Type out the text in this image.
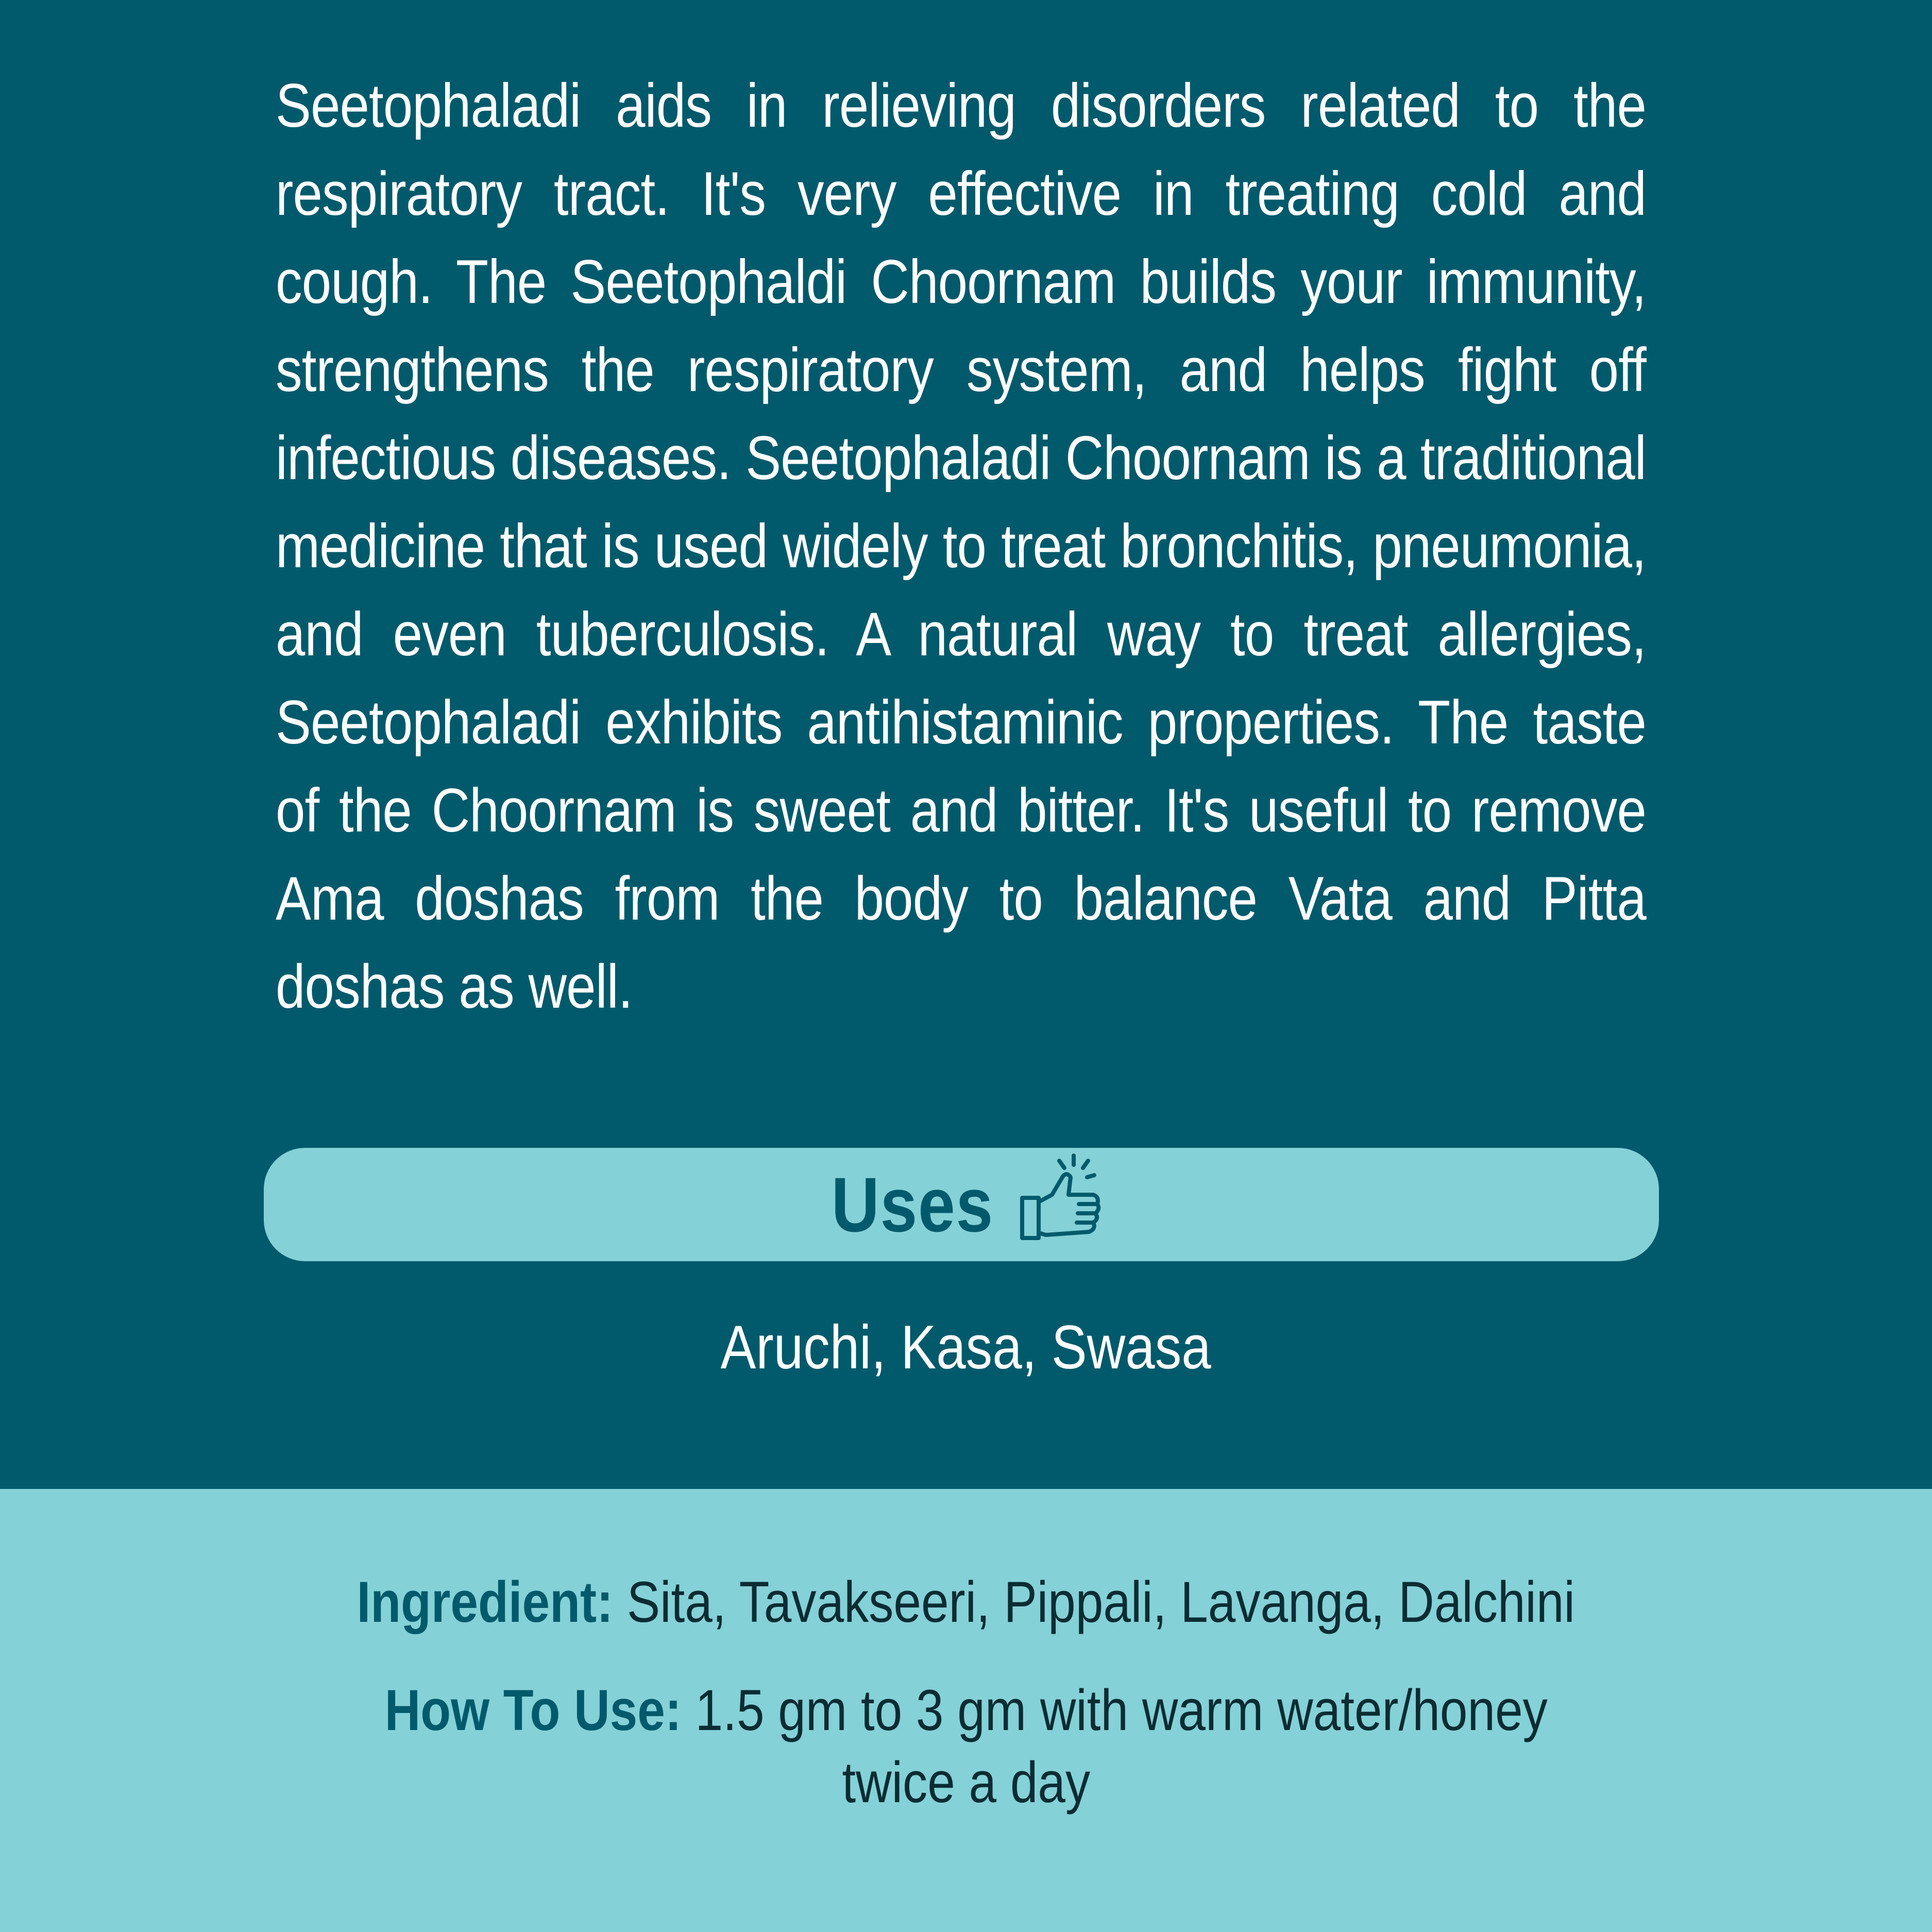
Seetophaladi aids in relieving disorders related to the respiratory tract. It's very effective in treating cold and cough. The Seetophaldi Choornam builds your immunity, strengthens the respiratory system, and helps fight off infectious diseases. Seetophaladi Choornam is a traditional medicine that is used widely to treat bronchitis, pneumonia, and even tuberculosis. A natural way to treat allergies, Seetophaladi exhibits antihistaminic properties. The taste of the Choornam is sweet and bitter. It's useful to remove Ama doshas from the body to balance Vata and Pitta doshas as well.

Uses
Aruchi, Kasa, Swasa
Ingredient: Sita, Tavakseeri, Pippali, Lavanga, Dalchini
How To Use: 1.5 gm to 3 gm with warm water/honey
twice a day
